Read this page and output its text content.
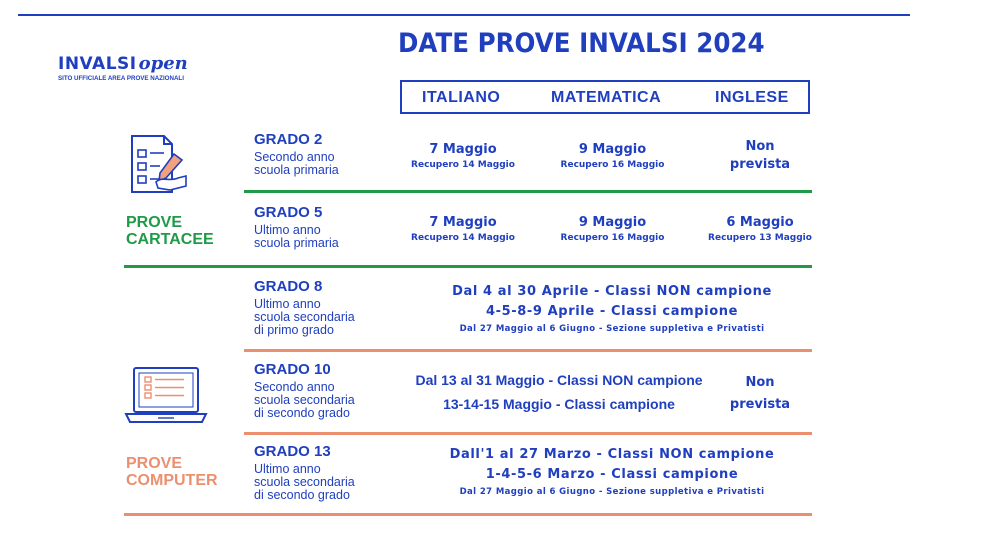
INVALSI open
SITO UFFICIALE AREA PROVE NAZIONALI
DATE PROVE INVALSI 2024
ITALIANO	MATEMATICA	INGLESE
PROVE
CARTACEE
GRADO 2
Secondo anno
scuola primaria
7 Maggio
Recupero 14 Maggio
9 Maggio
Recupero 16 Maggio
Non
prevista
GRADO 5
Ultimo anno
scuola primaria
7 Maggio
Recupero 14 Maggio
9 Maggio
Recupero 16 Maggio
6 Maggio
Recupero 13 Maggio
GRADO 8
Ultimo anno
scuola secondaria
di primo grado
Dal 4 al 30 Aprile - Classi NON campione
4-5-8-9 Aprile - Classi campione
Dal 27 Maggio al 6 Giugno - Sezione suppletiva e Privatisti
GRADO 10
Secondo anno
scuola secondaria
di secondo grado
Dal 13 al 31 Maggio - Classi NON campione
13-14-15 Maggio - Classi campione
Non
prevista
PROVE
COMPUTER
GRADO 13
Ultimo anno
scuola secondaria
di secondo grado
Dall'1 al 27 Marzo - Classi NON campione
1-4-5-6 Marzo - Classi campione
Dal 27 Maggio al 6 Giugno - Sezione suppletiva e Privatisti
